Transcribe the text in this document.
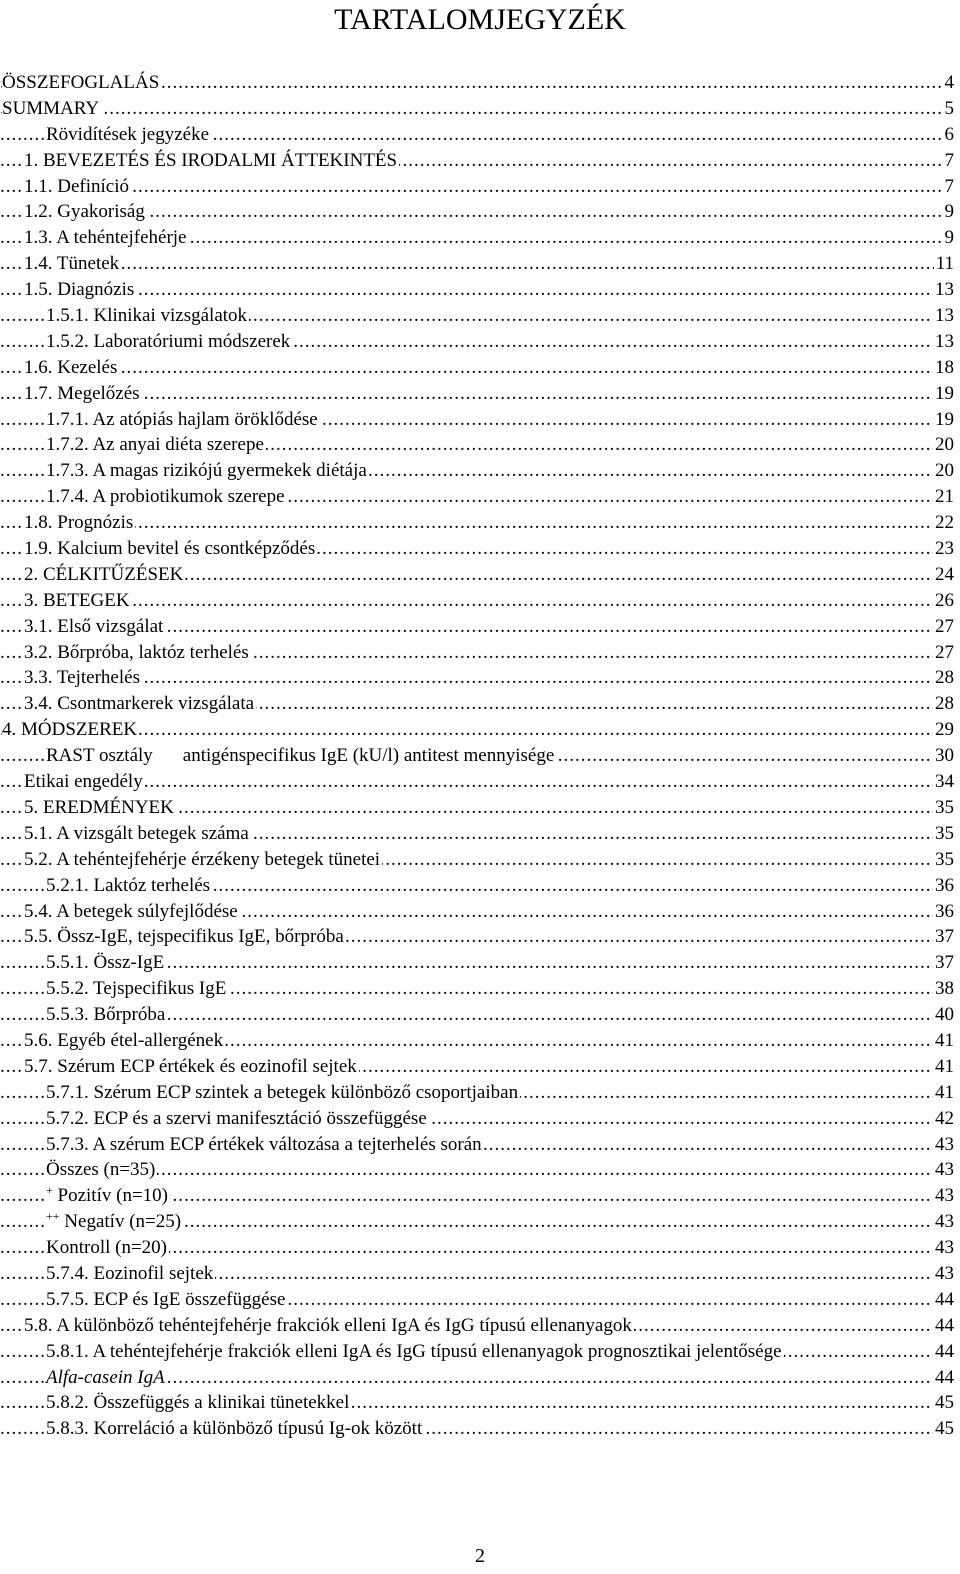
TARTALOMJEGYZÉK
ÖSSZEFOGLALÁS	4
.....
SUMMARY	5
.....
Rövidítések jegyzéke	6
.....
1. BEVEZETÉS ÉS IRODALMI ÁTTEKINTÉS	7
.....
1.1. Definíció	7
.....
1.2. Gyakoriság	9
.....
1.3. A tehéntejfehérje	9
.....
1.4. Tünetek	11
.....
1.5. Diagnózis	13
.....
1.5.1. Klinikai vizsgálatok	13
.....
1.5.2. Laboratóriumi módszerek	13
.....
1.6. Kezelés	18
.....
1.7. Megelőzés	19
.....
1.7.1. Az atópiás hajlam öröklődése	19
.....
1.7.2. Az anyai diéta szerepe	20
.....
1.7.3. A magas rizikójú gyermekek diétája	20
.....
1.7.4. A probiotikumok szerepe	21
.....
1.8. Prognózis	22
.....
1.9. Kalcium bevitel és csontképződés	23
.....
2. CÉLKITŰZÉSEK	24
.....
3. BETEGEK	26
.....
3.1. Első vizsgálat	27
.....
3.2. Bőrpróba, laktóz terhelés	27
.....
3.3. Tejterhelés	28
.....
3.4. Csontmarkerek vizsgálata	28
.....
4. MÓDSZEREK	29
.....
RAST osztály antigénspecifikus IgE (kU/l) antitest mennyisége	30
.....
Etikai engedély	34
.....
5. EREDMÉNYEK	35
.....
5.1. A vizsgált betegek száma	35
.....
5.2. A tehéntejfehérje érzékeny betegek tünetei	35
.....
5.2.1. Laktóz terhelés	36
.....
5.4. A betegek súlyfejlődése	36
.....
5.5. Össz-IgE, tejspecifikus IgE, bőrpróba	37
.....
5.5.1. Össz-IgE	37
.....
5.5.2. Tejspecifikus IgE	38
.....
5.5.3. Bőrpróba	40
.....
5.6. Egyéb étel-allergének	41
.....
5.7. Szérum ECP értékek és eozinofil sejtek	41
.....
5.7.1. Szérum ECP szintek a betegek különböző csoportjaiban	41
.....
5.7.2. ECP és a szervi manifesztáció összefüggése	42
.....
5.7.3. A szérum ECP értékek változása a tejterhelés során	43
.....
Összes (n=35)	43
.....
+ Pozitív (n=10)	43
.....
++ Negatív (n=25)	43
.....
Kontroll (n=20)	43
.....
5.7.4. Eozinofil sejtek	43
.....
5.7.5. ECP és IgE összefüggése	44
.....
5.8. A különböző tehéntejfehérje frakciók elleni IgA és IgG típusú ellenanyagok	44
.....
5.8.1. A tehéntejfehérje frakciók elleni IgA és IgG típusú ellenanyagok prognosztikai jelentősége	44
.....
Alfa-casein IgA	44
.....
5.8.2. Összefüggés a klinikai tünetekkel	45
.....
5.8.3. Korreláció a különböző típusú Ig-ok között	45
.....
2
